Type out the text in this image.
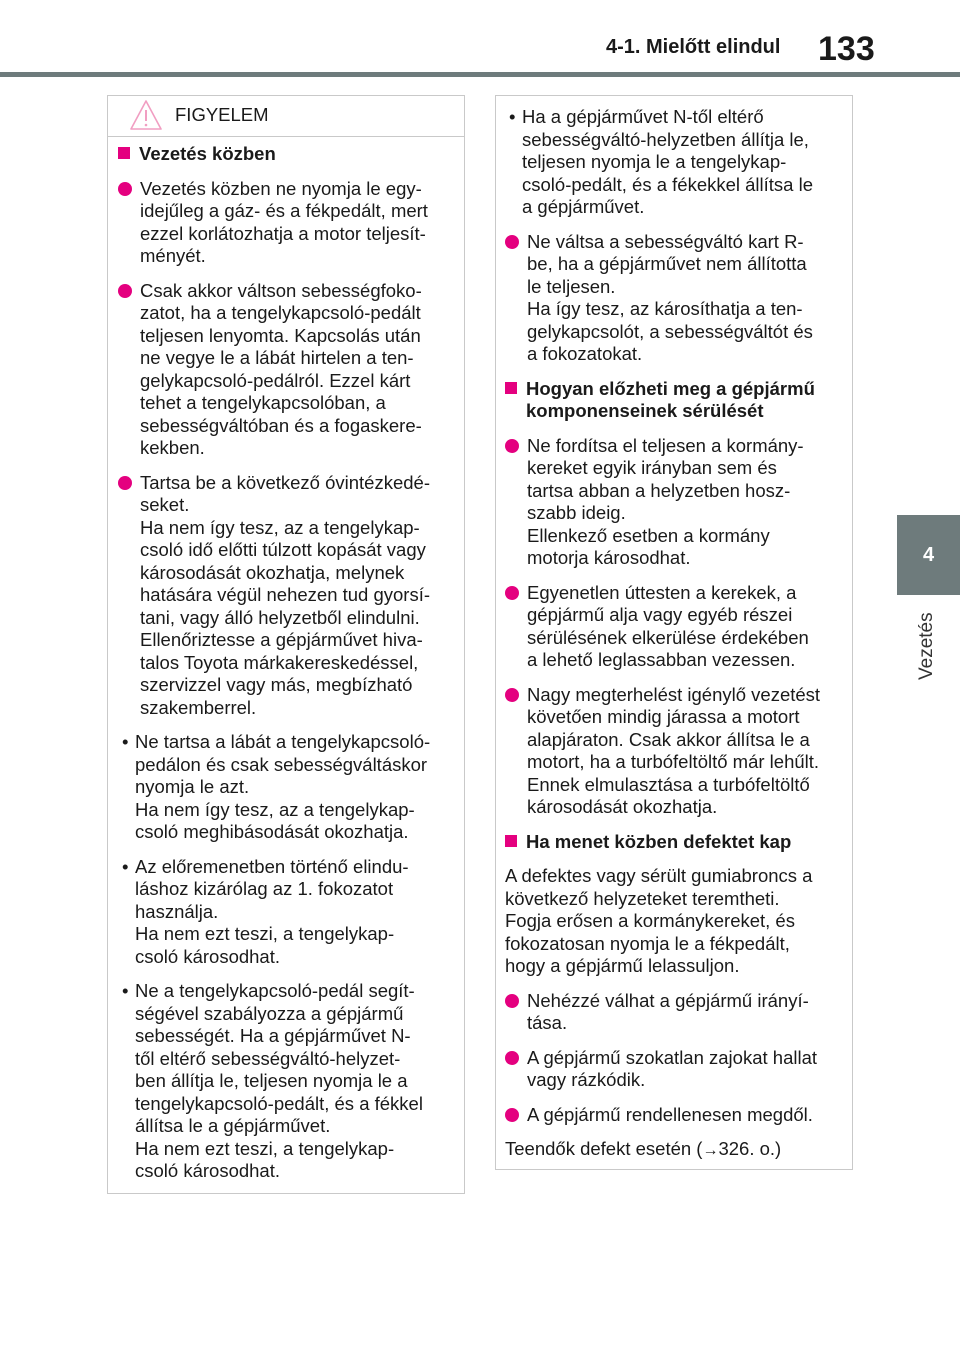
4-1. Mielőtt elindul 133
4
Vezetés
FIGYELEM
Vezetés közben
Vezetés közben ne nyomja le egy-
idejűleg a gáz- és a fékpedált, mert
ezzel korlátozhatja a motor teljesít-
ményét.
Csak akkor váltson sebességfoko-
zatot, ha a tengelykapcsoló-pedált
teljesen lenyomta. Kapcsolás után
ne vegye le a lábát hirtelen a ten-
gelykapcsoló-pedálról. Ezzel kárt
tehet a tengelykapcsolóban, a
sebességváltóban és a fogaskere-
kekben.
Tartsa be a következő óvintézkedé-
seket.
Ha nem így tesz, az a tengelykap-
csoló idő előtti túlzott kopását vagy
károsodását okozhatja, melynek
hatására végül nehezen tud gyorsí-
tani, vagy álló helyzetből elindulni.
Ellenőriztesse a gépjárművet hiva-
talos Toyota márkakereskedéssel,
szervizzel vagy más, megbízható
szakemberrel.
• Ne tartsa a lábát a tengelykapcsoló-
pedálon és csak sebességváltáskor
nyomja le azt.
Ha nem így tesz, az a tengelykap-
csoló meghibásodását okozhatja.
• Az előremenetben történő elindu-
láshoz kizárólag az 1. fokozatot
használja.
Ha nem ezt teszi, a tengelykap-
csoló károsodhat.
• Ne a tengelykapcsoló-pedál segít-
ségével szabályozza a gépjármű
sebességét. Ha a gépjárművet N-
től eltérő sebességváltó-helyzet-
ben állítja le, teljesen nyomja le a
tengelykapcsoló-pedált, és a fékkel
állítsa le a gépjárművet.
Ha nem ezt teszi, a tengelykap-
csoló károsodhat.
• Ha a gépjárművet N-től eltérő
sebességváltó-helyzetben állítja le,
teljesen nyomja le a tengelykap-
csoló-pedált, és a fékekkel állítsa le
a gépjárművet.
Ne váltsa a sebességváltó kart R-
be, ha a gépjárművet nem állította
le teljesen.
Ha így tesz, az károsíthatja a ten-
gelykapcsolót, a sebességváltót és
a fokozatokat.
Hogyan előzheti meg a gépjármű
komponenseinek sérülését
Ne fordítsa el teljesen a kormány-
kereket egyik irányban sem és
tartsa abban a helyzetben hosz-
szabb ideig.
Ellenkező esetben a kormány
motorja károsodhat.
Egyenetlen úttesten a kerekek, a
gépjármű alja vagy egyéb részei
sérülésének elkerülése érdekében
a lehető leglassabban vezessen.
Nagy megterhelést igénylő vezetést
követően mindig járassa a motort
alapjáraton. Csak akkor állítsa le a
motort, ha a turbófeltöltő már lehűlt.
Ennek elmulasztása a turbófeltöltő
károsodását okozhatja.
Ha menet közben defektet kap
A defektes vagy sérült gumiabroncs a
következő helyzeteket teremtheti.
Fogja erősen a kormánykereket, és
fokozatosan nyomja le a fékpedált,
hogy a gépjármű lelassuljon.
Nehézzé válhat a gépjármű irányí-
tása.
A gépjármű szokatlan zajokat hallat
vagy rázkódik.
A gépjármű rendellenesen megdől.
Teendők defekt esetén (→326. o.)
